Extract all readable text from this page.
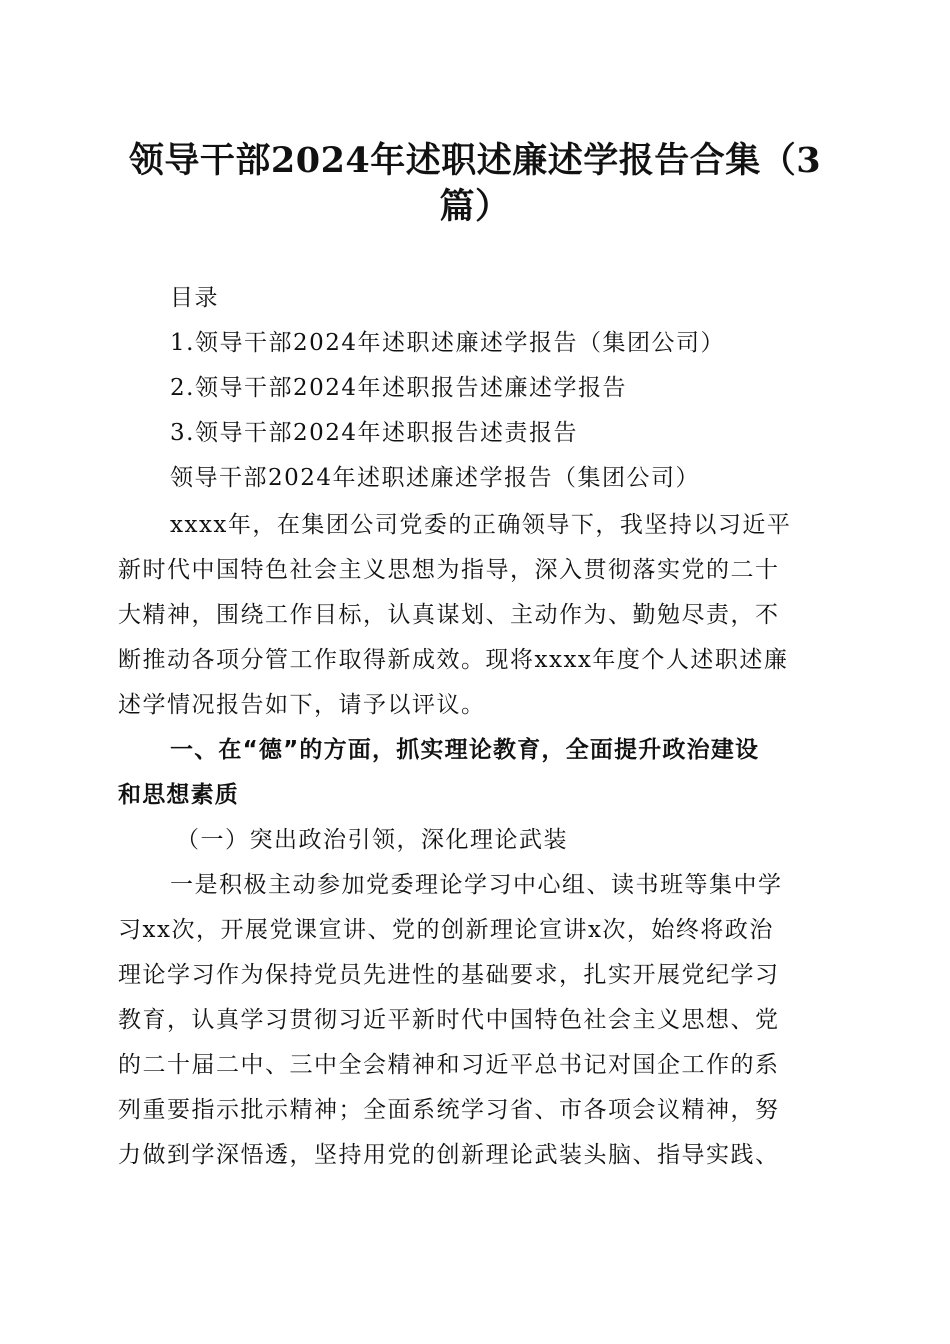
领导干部2024年述职述廉述学报告合集（3
篇）
目录
1.领导干部2024年述职述廉述学报告（集团公司）
2.领导干部2024年述职报告述廉述学报告
3.领导干部2024年述职报告述责报告
领导干部2024年述职述廉述学报告（集团公司）
xxxx年，在集团公司党委的正确领导下，我坚持以习近平
新时代中国特色社会主义思想为指导，深入贯彻落实党的二十
大精神，围绕工作目标，认真谋划、主动作为、勤勉尽责，不
断推动各项分管工作取得新成效。现将xxxx年度个人述职述廉
述学情况报告如下，请予以评议。
一、在“德”的方面，抓实理论教育，全面提升政治建设
和思想素质
（一）突出政治引领，深化理论武装
一是积极主动参加党委理论学习中心组、读书班等集中学
习xx次，开展党课宣讲、党的创新理论宣讲x次，始终将政治
理论学习作为保持党员先进性的基础要求，扎实开展党纪学习
教育，认真学习贯彻习近平新时代中国特色社会主义思想、党
的二十届二中、三中全会精神和习近平总书记对国企工作的系
列重要指示批示精神；全面系统学习省、市各项会议精神，努
力做到学深悟透，坚持用党的创新理论武装头脑、指导实践、
